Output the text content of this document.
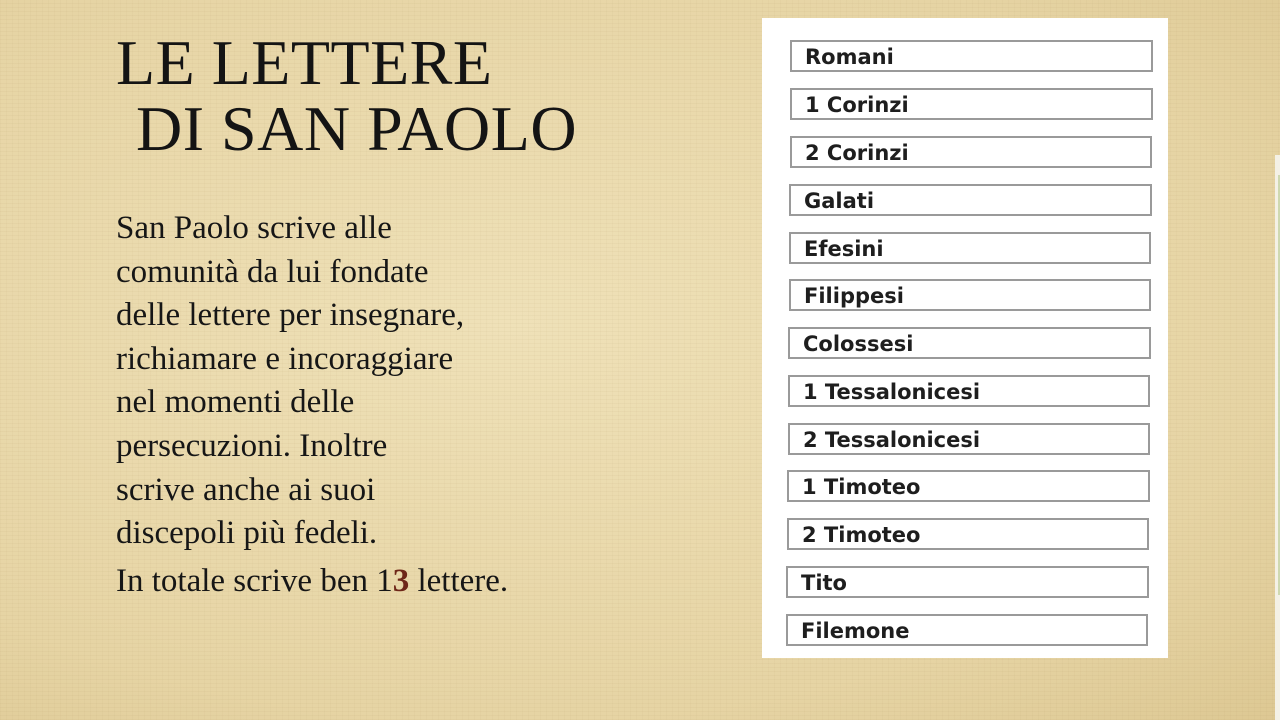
LE LETTERE

DI SAN PAOLO

San Paolo scrive alle
comunità da lui fondate
delle lettere per insegnare,
richiamare e incoraggiare
nel momenti delle
persecuzioni. Inoltre
scrive anche ai suoi
discepoli più fedeli.

In totale scrive ben 13 lettere.

Romani
1 Corinzi
2 Corinzi
Galati
Efesini
Filippesi
Colossesi
1 Tessalonicesi
2 Tessalonicesi
1 Timoteo
2 Timoteo
Tito
Filemone
